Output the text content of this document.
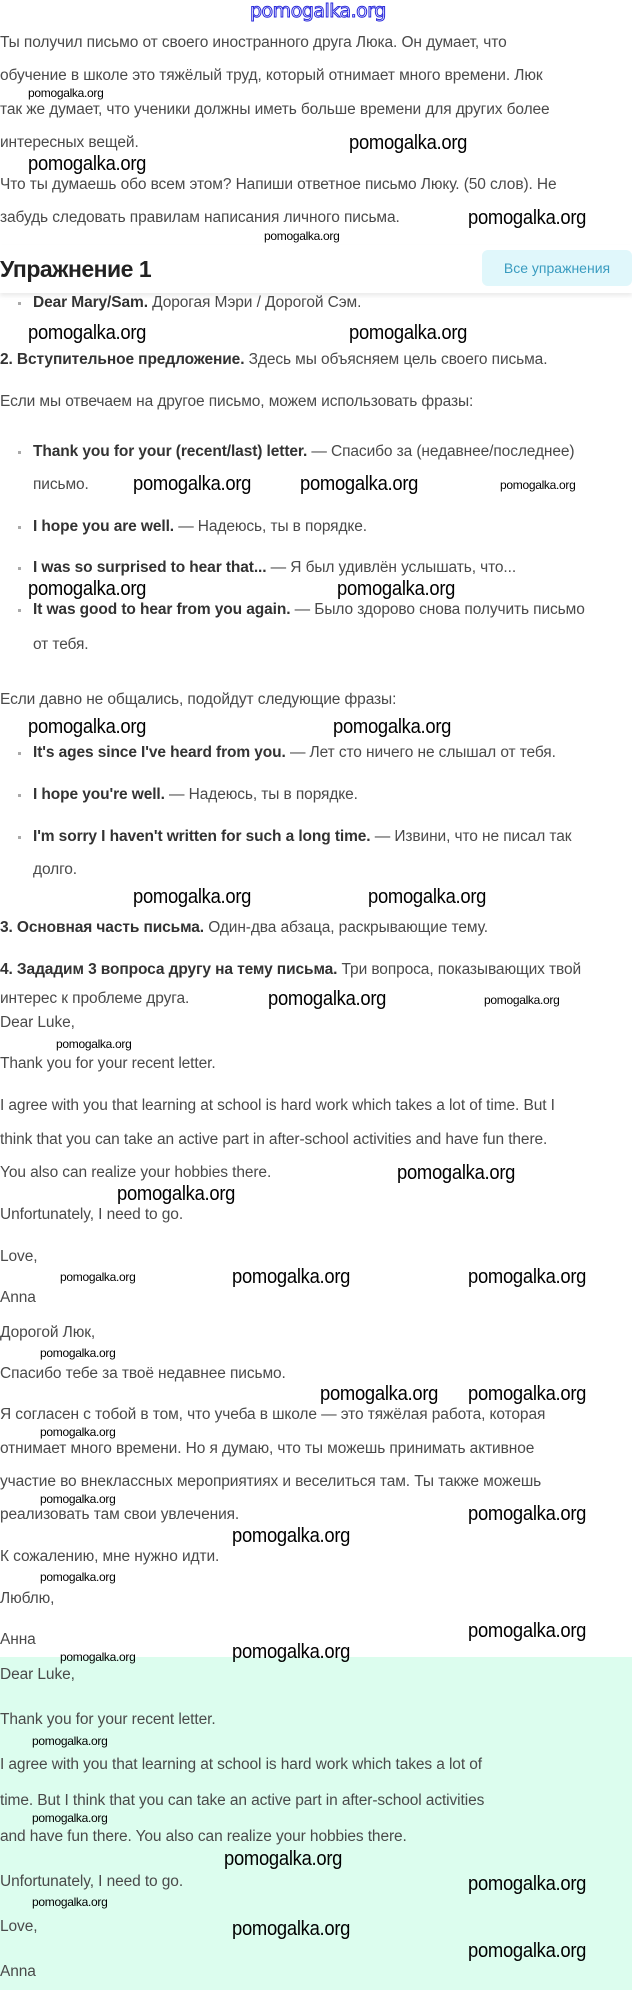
pomogalka.org
Ты получил письмо от своего иностранного друга Люка. Он думает, что
обучение в школе это тяжёлый труд, который отнимает много времени. Люк
так же думает, что ученики должны иметь больше времени для других более
интересных вещей.
Что ты думаешь обо всем этом? Напиши ответное письмо Люку. (50 слов). Не
забудь следовать правилам написания личного письма.
Упражнение 1	Все упражнения
Dear Mary/Sam. Дорогая Мэри / Дорогой Сэм.
2. Вступительное предложение. Здесь мы объясняем цель своего письма.
Если мы отвечаем на другое письмо, можем использовать фразы:
Thank you for your (recent/last) letter. — Спасибо за (недавнее/последнее)
письмо.
I hope you are well. — Надеюсь, ты в порядке.
I was so surprised to hear that... — Я был удивлён услышать, что...
It was good to hear from you again. — Было здорово снова получить письмо
от тебя.
Если давно не общались, подойдут следующие фразы:
It's ages since I've heard from you. — Лет сто ничего не слышал от тебя.
I hope you're well. — Надеюсь, ты в порядке.
I'm sorry I haven't written for such a long time. — Извини, что не писал так
долго.
3. Основная часть письма. Один-два абзаца, раскрывающие тему.
4. Зададим 3 вопроса другу на тему письма. Три вопроса, показывающих твой
интерес к проблеме друга.
Dear Luke,
Thank you for your recent letter.
I agree with you that learning at school is hard work which takes a lot of time. But I
think that you can take an active part in after-school activities and have fun there.
You also can realize your hobbies there.
Unfortunately, I need to go.
Love,
Anna
Дорогой Люк,
Спасибо тебе за твоё недавнее письмо.
Я согласен с тобой в том, что учеба в школе — это тяжёлая работа, которая
отнимает много времени. Но я думаю, что ты можешь принимать активное
участие во внеклассных мероприятиях и веселиться там. Ты также можешь
реализовать там свои увлечения.
К сожалению, мне нужно идти.
Люблю,
Анна
Dear Luke,
Thank you for your recent letter.
I agree with you that learning at school is hard work which takes a lot of
time. But I think that you can take an active part in after-school activities
and have fun there. You also can realize your hobbies there.
Unfortunately, I need to go.
Love,
Anna
pomogalka.org
pomogalka.org
pomogalka.org
pomogalka.org
pomogalka.org
pomogalka.org	pomogalka.org
pomogalka.org pomogalka.org	pomogalka.org
pomogalka.org	pomogalka.org
pomogalka.org	pomogalka.org
pomogalka.org	pomogalka.org
pomogalka.org	pomogalka.org
pomogalka.org
pomogalka.org
pomogalka.org
pomogalka.org	pomogalka.org	pomogalka.org
pomogalka.org
pomogalka.org pomogalka.org
pomogalka.org
pomogalka.org
pomogalka.org
pomogalka.org
pomogalka.org
pomogalka.org
pomogalka.org
pomogalka.org
pomogalka.org
pomogalka.org
pomogalka.org
pomogalka.org
pomogalka.org
pomogalka.org
pomogalka.org
